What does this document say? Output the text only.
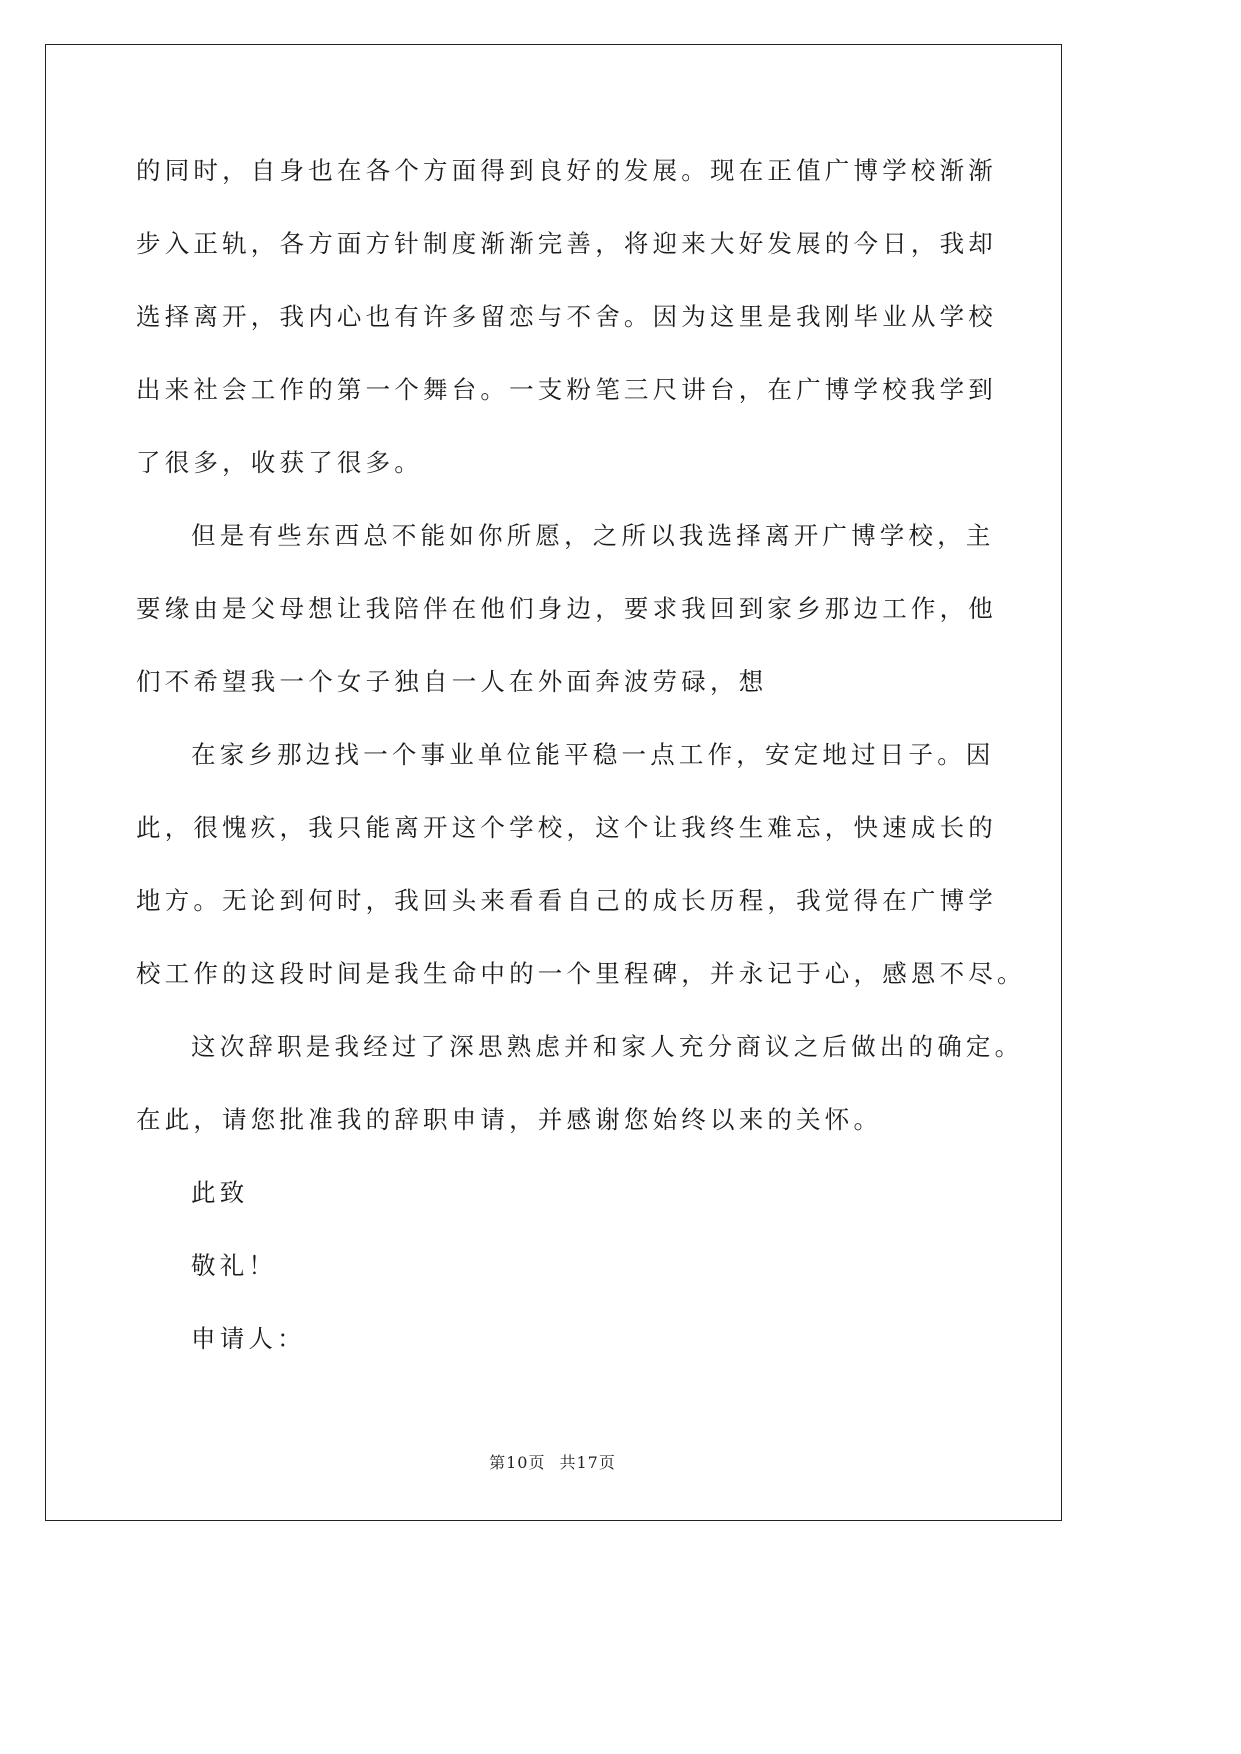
的同时，自身也在各个方面得到良好的发展。现在正值广博学校渐渐
步入正轨，各方面方针制度渐渐完善，将迎来大好发展的今日，我却
选择离开，我内心也有许多留恋与不舍。因为这里是我刚毕业从学校
出来社会工作的第一个舞台。一支粉笔三尺讲台，在广博学校我学到
了很多，收获了很多。
但是有些东西总不能如你所愿，之所以我选择离开广博学校，主
要缘由是父母想让我陪伴在他们身边，要求我回到家乡那边工作，他
们不希望我一个女子独自一人在外面奔波劳碌，想
在家乡那边找一个事业单位能平稳一点工作，安定地过日子。因
此，很愧疚，我只能离开这个学校，这个让我终生难忘，快速成长的
地方。无论到何时，我回头来看看自己的成长历程，我觉得在广博学
校工作的这段时间是我生命中的一个里程碑，并永记于心，感恩不尽。
这次辞职是我经过了深思熟虑并和家人充分商议之后做出的确定。
在此，请您批准我的辞职申请，并感谢您始终以来的关怀。
此致
敬礼！
申请人：
第10页 共17页
